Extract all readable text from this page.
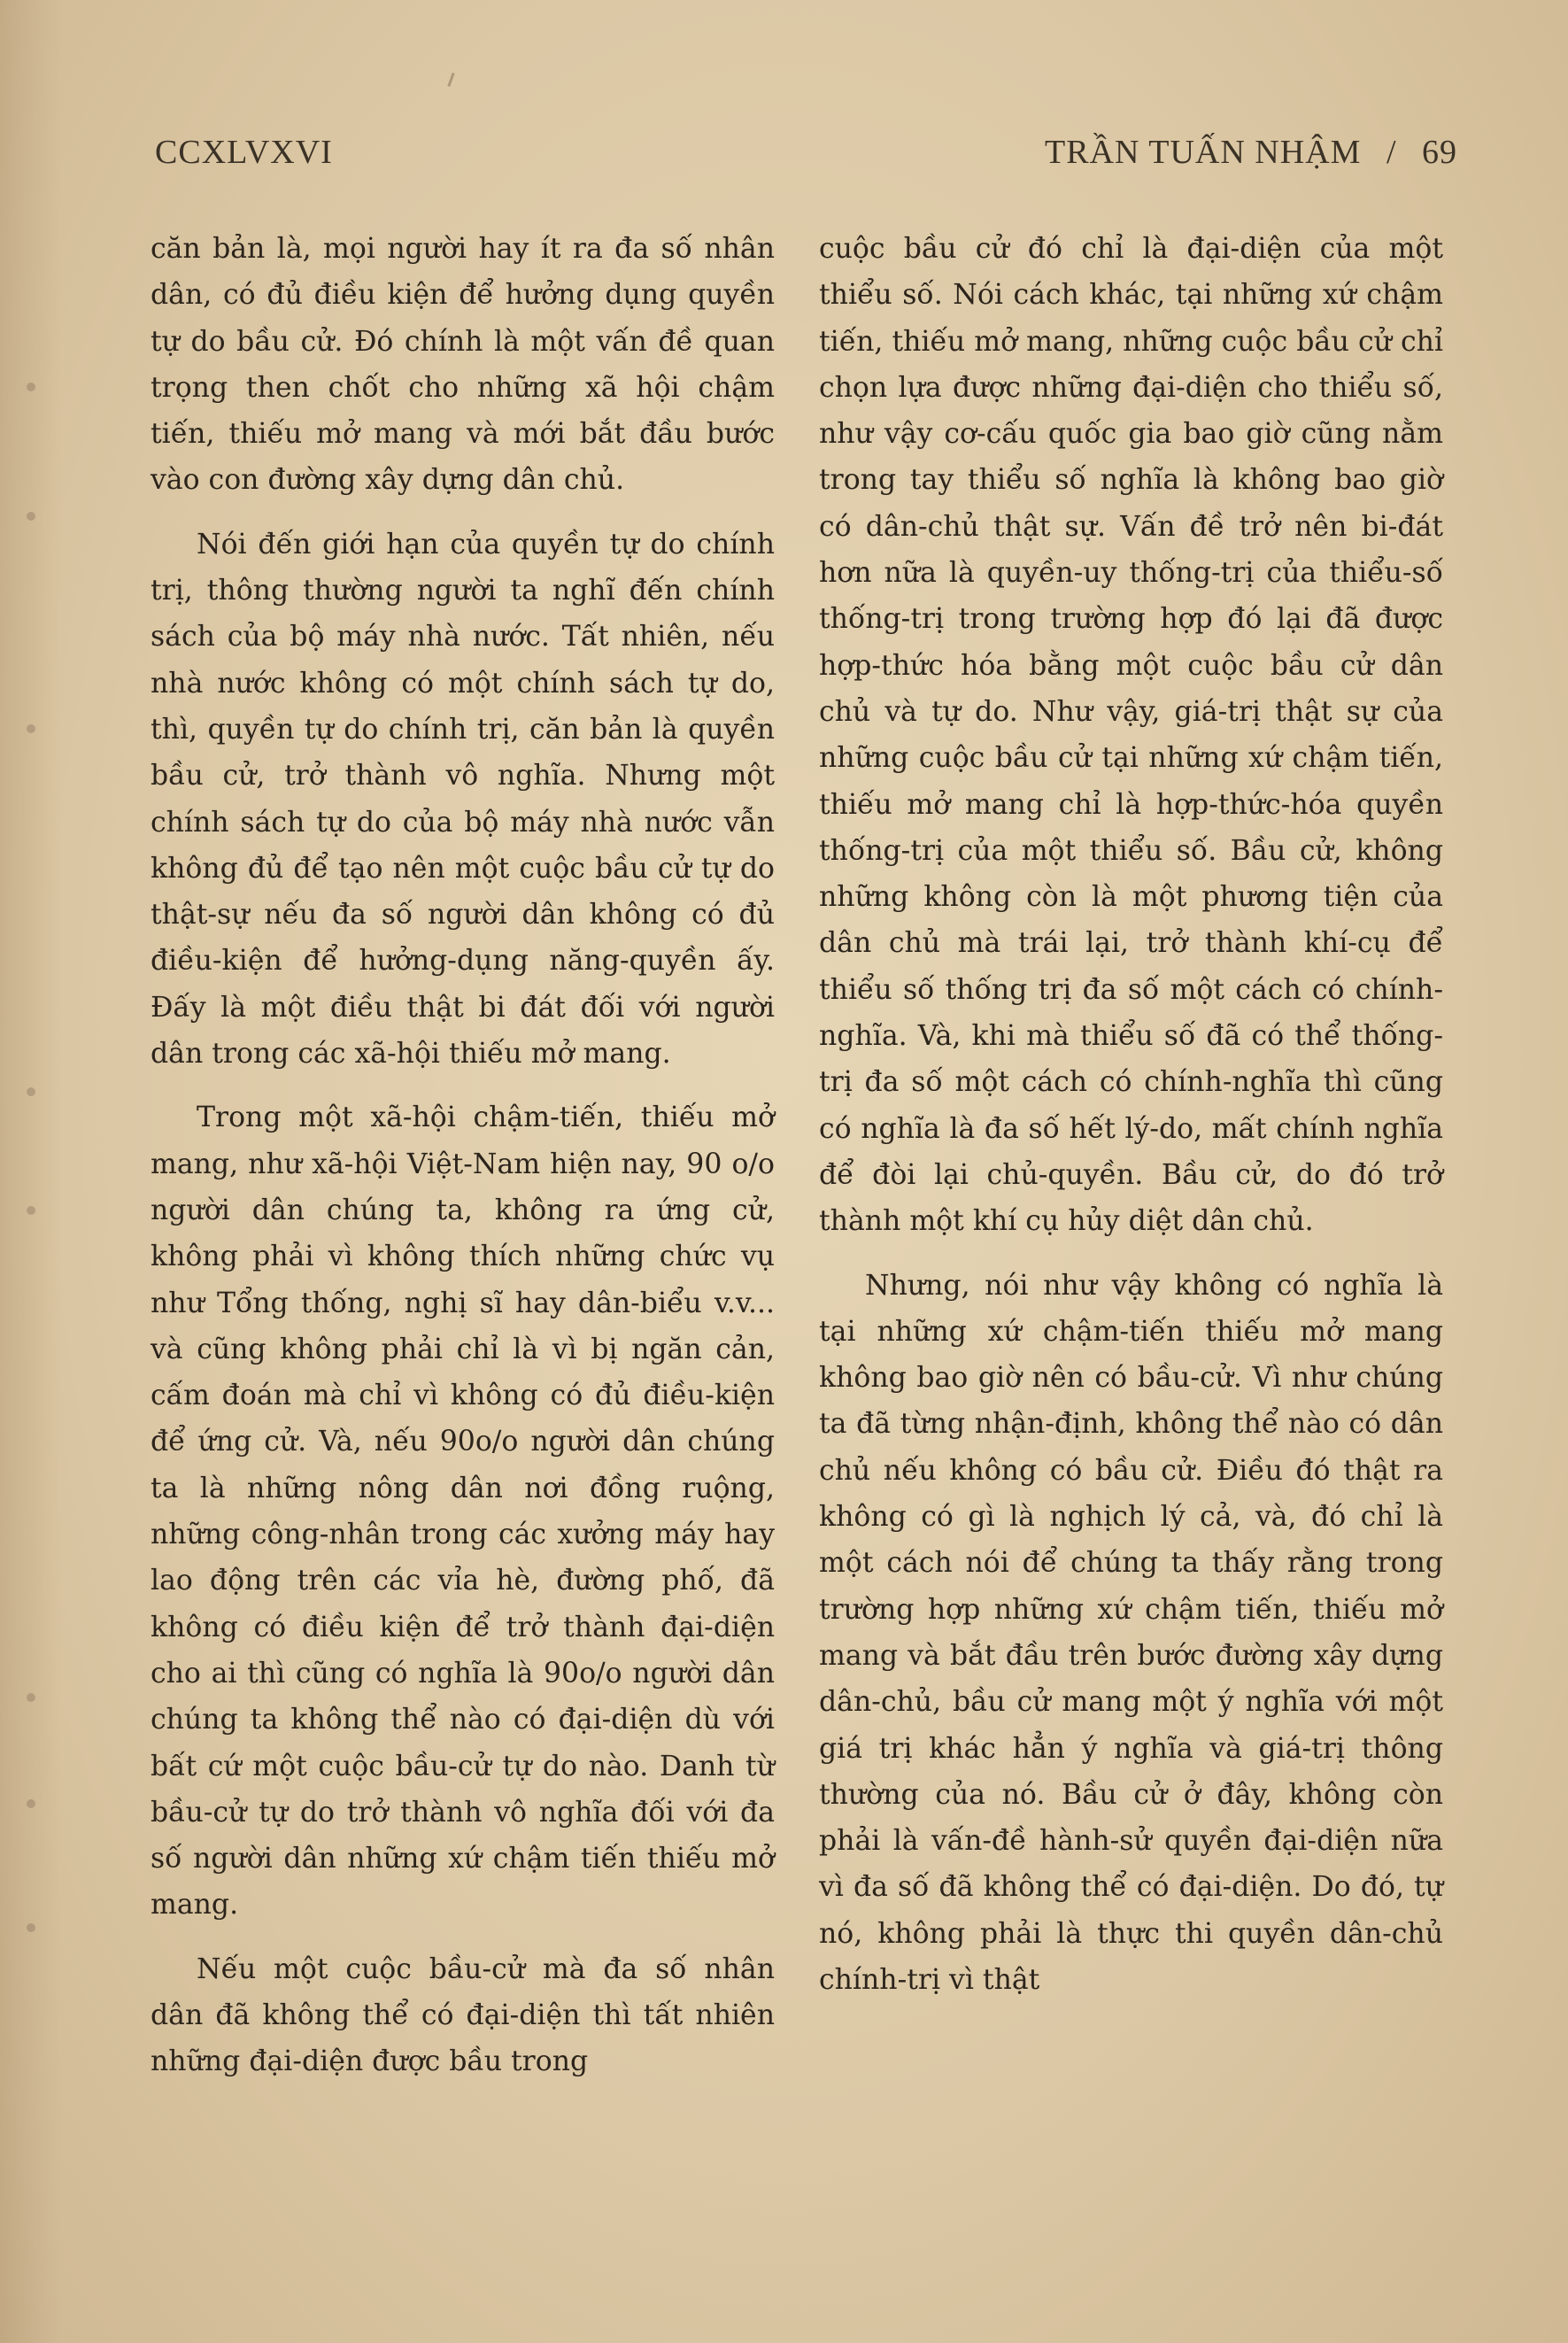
CCXLVXVI	TRẦN TUẤN NHẬM / 69

căn bản là, mọi người hay ít ra đa số nhân dân, có đủ điều kiện để hưởng dụng quyền tự do bầu cử. Đó chính là một vấn đề quan trọng then chốt cho những xã hội chậm tiến, thiếu mở mang và mới bắt đầu bước vào con đường xây dựng dân chủ.

Nói đến giới hạn của quyền tự do chính trị, thông thường người ta nghĩ đến chính sách của bộ máy nhà nước. Tất nhiên, nếu nhà nước không có một chính sách tự do, thì, quyền tự do chính trị, căn bản là quyền bầu cử, trở thành vô nghĩa. Nhưng một chính sách tự do của bộ máy nhà nước vẫn không đủ để tạo nên một cuộc bầu cử tự do thật-sự nếu đa số người dân không có đủ điều-kiện để hưởng-dụng năng-quyền ấy. Đấy là một điều thật bi đát đối với người dân trong các xã-hội thiếu mở mang.

Trong một xã-hội chậm-tiến, thiếu mở mang, như xã-hội Việt-Nam hiện nay, 90 o/o người dân chúng ta, không ra ứng cử, không phải vì không thích những chức vụ như Tổng thống, nghị sĩ hay dân-biểu v.v... và cũng không phải chỉ là vì bị ngăn cản, cấm đoán mà chỉ vì không có đủ điều-kiện để ứng cử. Và, nếu 90o/o người dân chúng ta là những nông dân nơi đồng ruộng, những công-nhân trong các xưởng máy hay lao động trên các vỉa hè, đường phố, đã không có điều kiện để trở thành đại-diện cho ai thì cũng có nghĩa là 90o/o người dân chúng ta không thể nào có đại-diện dù với bất cứ một cuộc bầu-cử tự do nào. Danh từ bầu-cử tự do trở thành vô nghĩa đối với đa số người dân những xứ chậm tiến thiếu mở mang.

Nếu một cuộc bầu-cử mà đa số nhân dân đã không thể có đại-diện thì tất nhiên những đại-diện được bầu trong

cuộc bầu cử đó chỉ là đại-diện của một thiểu số. Nói cách khác, tại những xứ chậm tiến, thiếu mở mang, những cuộc bầu cử chỉ chọn lựa được những đại-diện cho thiểu số, như vậy cơ-cấu quốc gia bao giờ cũng nằm trong tay thiểu số nghĩa là không bao giờ có dân-chủ thật sự. Vấn đề trở nên bi-đát hơn nữa là quyền-uy thống-trị của thiểu-số thống-trị trong trường hợp đó lại đã được hợp-thức hóa bằng một cuộc bầu cử dân chủ và tự do. Như vậy, giá-trị thật sự của những cuộc bầu cử tại những xứ chậm tiến, thiếu mở mang chỉ là hợp-thức-hóa quyền thống-trị của một thiểu số. Bầu cử, không những không còn là một phương tiện của dân chủ mà trái lại, trở thành khí-cụ để thiểu số thống trị đa số một cách có chính-nghĩa. Và, khi mà thiểu số đã có thể thống-trị đa số một cách có chính-nghĩa thì cũng có nghĩa là đa số hết lý-do, mất chính nghĩa để đòi lại chủ-quyền. Bầu cử, do đó trở thành một khí cụ hủy diệt dân chủ.

Nhưng, nói như vậy không có nghĩa là tại những xứ chậm-tiến thiếu mở mang không bao giờ nên có bầu-cử. Vì như chúng ta đã từng nhận-định, không thể nào có dân chủ nếu không có bầu cử. Điều đó thật ra không có gì là nghịch lý cả, và, đó chỉ là một cách nói để chúng ta thấy rằng trong trường hợp những xứ chậm tiến, thiếu mở mang và bắt đầu trên bước đường xây dựng dân-chủ, bầu cử mang một ý nghĩa với một giá trị khác hẳn ý nghĩa và giá-trị thông thường của nó. Bầu cử ở đây, không còn phải là vấn-đề hành-sử quyền đại-diện nữa vì đa số đã không thể có đại-diện. Do đó, tự nó, không phải là thực thi quyền dân-chủ chính-trị vì thật
